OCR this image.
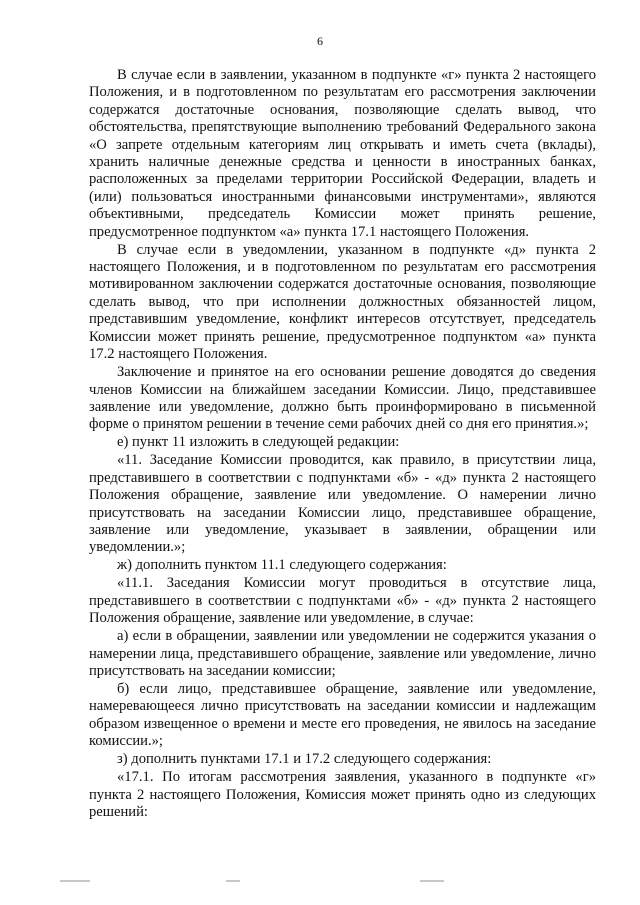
6

В случае если в заявлении, указанном в подпункте «г» пункта 2 настоящего Положения, и в подготовленном по результатам его рассмотрения заключении содержатся достаточные основания, позволяющие сделать вывод, что обстоятельства, препятствующие выполнению требований Федерального закона «О запрете отдельным категориям лиц открывать и иметь счета (вклады), хранить наличные денежные средства и ценности в иностранных банках, расположенных за пределами территории Российской Федерации, владеть и (или) пользоваться иностранными финансовыми инструментами», являются объективными, председатель Комиссии может принять решение, предусмотренное подпунктом «а» пункта 17.1 настоящего Положения.

В случае если в уведомлении, указанном в подпункте «д» пункта 2 настоящего Положения, и в подготовленном по результатам его рассмотрения мотивированном заключении содержатся достаточные основания, позволяющие сделать вывод, что при исполнении должностных обязанностей лицом, представившим уведомление, конфликт интересов отсутствует, председатель Комиссии может принять решение, предусмотренное подпунктом «а» пункта 17.2 настоящего Положения.

Заключение и принятое на его основании решение доводятся до сведения членов Комиссии на ближайшем заседании Комиссии. Лицо, представившее заявление или уведомление, должно быть проинформировано в письменной форме о принятом решении в течение семи рабочих дней со дня его принятия.»;

е) пункт 11 изложить в следующей редакции:

«11. Заседание Комиссии проводится, как правило, в присутствии лица, представившего в соответствии с подпунктами «б» - «д» пункта 2 настоящего Положения обращение, заявление или уведомление. О намерении лично присутствовать на заседании Комиссии лицо, представившее обращение, заявление или уведомление, указывает в заявлении, обращении или уведомлении.»;

ж) дополнить пунктом 11.1 следующего содержания:

«11.1. Заседания Комиссии могут проводиться в отсутствие лица, представившего в соответствии с подпунктами «б» - «д» пункта 2 настоящего Положения обращение, заявление или уведомление, в случае:

а) если в обращении, заявлении или уведомлении не содержится указания о намерении лица, представившего обращение, заявление или уведомление, лично присутствовать на заседании комиссии;

б) если лицо, представившее обращение, заявление или уведомление, намеревающееся лично присутствовать на заседании комиссии и надлежащим образом извещенное о времени и месте его проведения, не явилось на заседание комиссии.»;

з) дополнить пунктами 17.1 и 17.2 следующего содержания:

«17.1. По итогам рассмотрения заявления, указанного в подпункте «г» пункта 2 настоящего Положения, Комиссия может принять одно из следующих решений:
